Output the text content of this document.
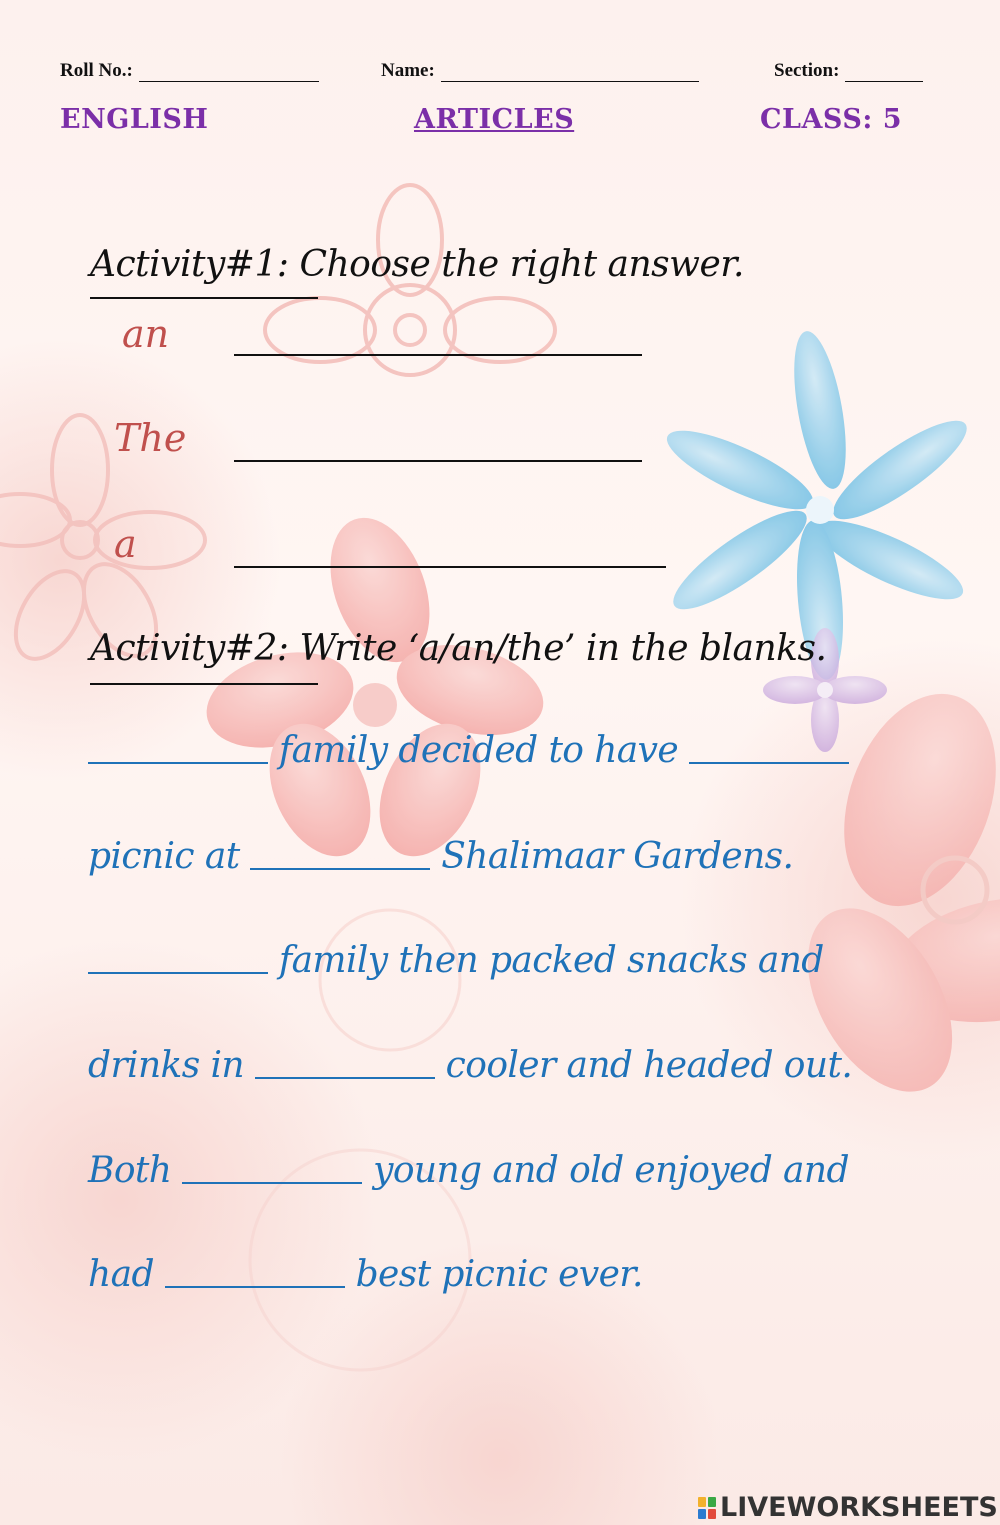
Roll No.:	Name:	Section:
ENGLISH	ARTICLES	CLASS: 5
Activity#1: Choose the right answer.
an
The
a
Activity#2: Write ‘a/an/the’ in the blanks.
family decided to have
picnic at	Shalimaar Gardens.
family then packed snacks and
drinks in	cooler and headed out.
Both	young and old enjoyed and
had	best picnic ever.
LIVEWORKSHEETS
